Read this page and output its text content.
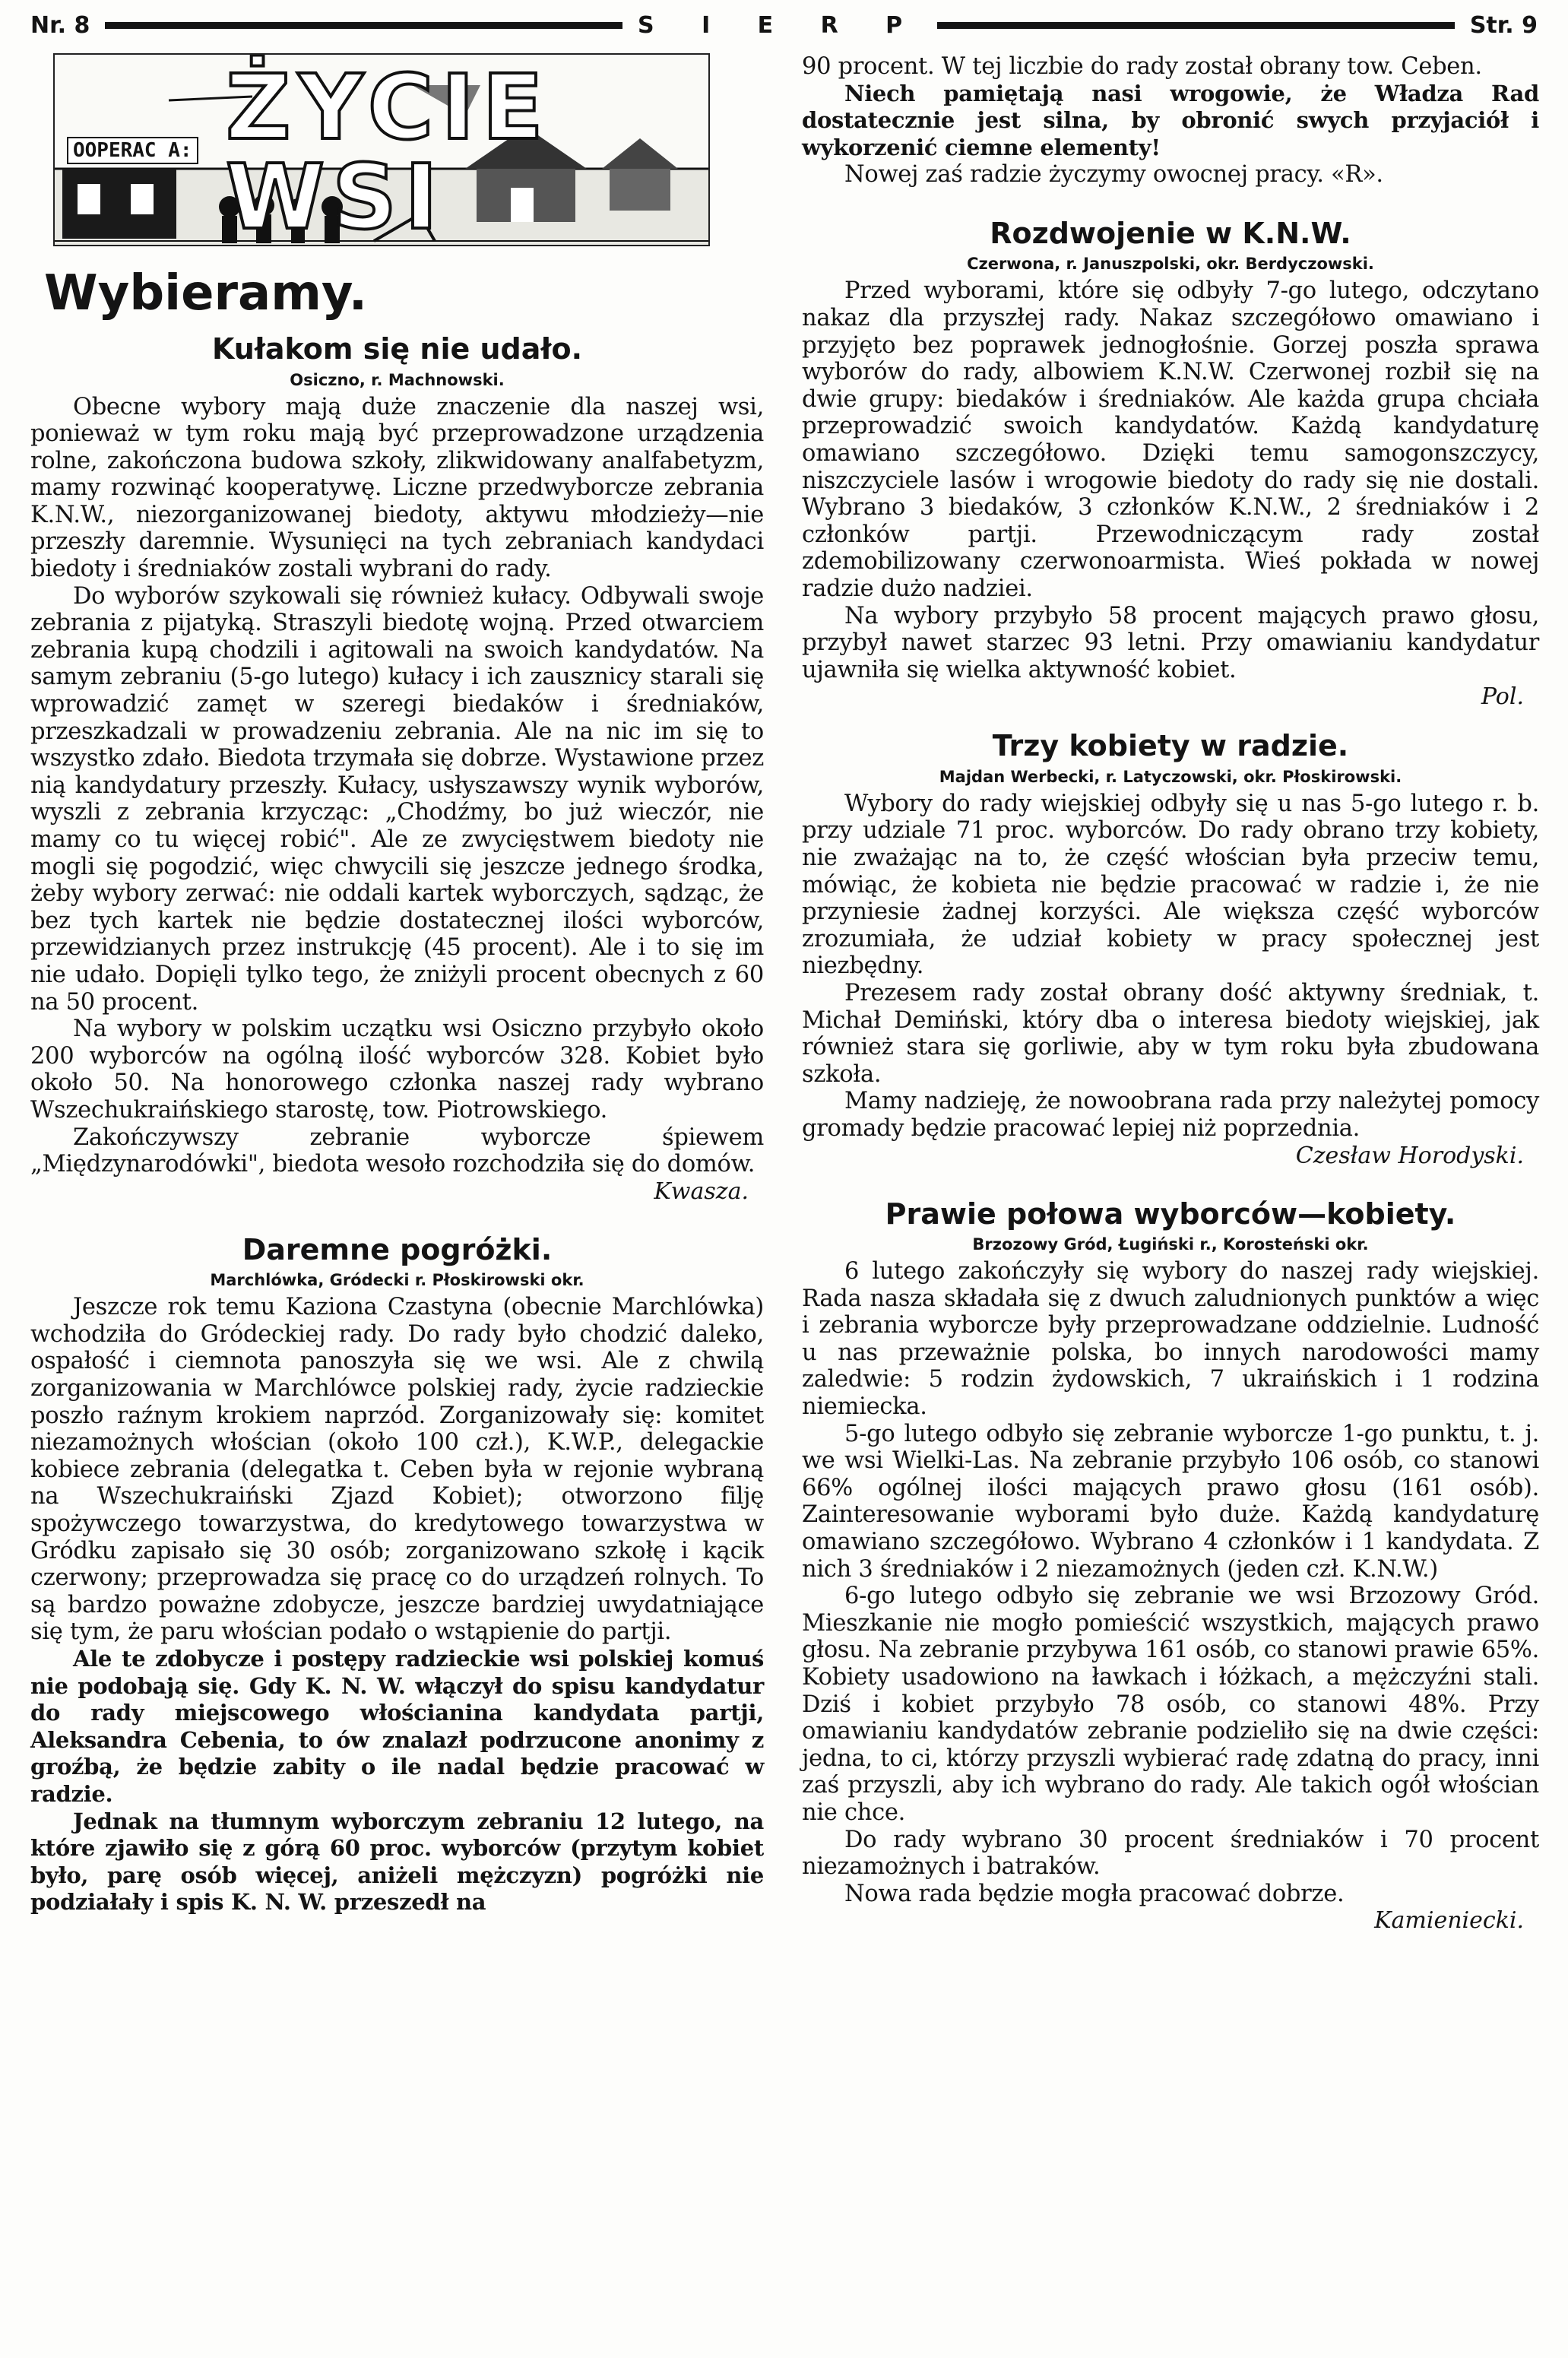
Nr. 8	S I E R P	Str. 9
ŻYCIE WSI
OOPERAC A:
Wybieramy.
Kułakom się nie udało.
Osiczno, r. Machnowski.

Obecne wybory mają duże znaczenie dla naszej wsi, ponieważ w tym roku mają być przeprowadzone urządzenia rolne, zakończona budowa szkoły, zlikwidowany analfabetyzm, mamy rozwinąć kooperatywę. Liczne przedwyborcze zebrania K.N.W., niezorganizowanej biedoty, aktywu młodzieży—nie przeszły daremnie. Wysunięci na tych zebraniach kandydaci biedoty i średniaków zostali wybrani do rady.

Do wyborów szykowali się również kułacy. Odbywali swoje zebrania z pijatyką. Straszyli biedotę wojną. Przed otwarciem zebrania kupą chodzili i agitowali na swoich kandydatów. Na samym zebraniu (5-go lutego) kułacy i ich zausznicy starali się wprowadzić zamęt w szeregi biedaków i średniaków, przeszkadzali w prowadzeniu zebrania. Ale na nic im się to wszystko zdało. Biedota trzymała się dobrze. Wystawione przez nią kandydatury przeszły. Kułacy, usłyszawszy wynik wyborów, wyszli z zebrania krzycząc: „Chodźmy, bo już wieczór, nie mamy co tu więcej robić". Ale ze zwycięstwem biedoty nie mogli się pogodzić, więc chwycili się jeszcze jednego środka, żeby wybory zerwać: nie oddali kartek wyborczych, sądząc, że bez tych kartek nie będzie dostatecznej ilości wyborców, przewidzianych przez instrukcję (45 procent). Ale i to się im nie udało. Dopięli tylko tego, że zniżyli procent obecnych z 60 na 50 procent.

Na wybory w polskim uczątku wsi Osiczno przybyło około 200 wyborców na ogólną ilość wyborców 328. Kobiet było około 50. Na honorowego członka naszej rady wybrano Wszechukraińskiego starostę, tow. Piotrowskiego.

Zakończywszy zebranie wyborcze śpiewem „Międzynarodówki", biedota wesoło rozchodziła się do domów.

Kwasza.

Daremne pogróżki.
Marchlówka, Gródecki r. Płoskirowski okr.

Jeszcze rok temu Kaziona Czastyna (obecnie Marchlówka) wchodziła do Gródeckiej rady. Do rady było chodzić daleko, ospałość i ciemnota panoszyła się we wsi. Ale z chwilą zorganizowania w Marchlówce polskiej rady, życie radzieckie poszło raźnym krokiem naprzód. Zorganizowały się: komitet niezamożnych włościan (około 100 czł.), K.W.P., delegackie kobiece zebrania (delegatka t. Ceben była w rejonie wybraną na Wszechukraiński Zjazd Kobiet); otworzono filję spożywczego towarzystwa, do kredytowego towarzystwa w Gródku zapisało się 30 osób; zorganizowano szkołę i kącik czerwony; przeprowadza się pracę co do urządzeń rolnych. To są bardzo poważne zdobycze, jeszcze bardziej uwydatniające się tym, że paru włościan podało o wstąpienie do partji.

Ale te zdobycze i postępy radzieckie wsi polskiej komuś nie podobają się. Gdy K. N. W. włączył do spisu kandydatur do rady miejscowego włościanina kandydata partji, Aleksandra Cebenia, to ów znalazł podrzucone anonimy z groźbą, że będzie zabity o ile nadal będzie pracować w radzie.

Jednak na tłumnym wyborczym zebraniu 12 lutego, na które zjawiło się z górą 60 proc. wyborców (przytym kobiet było, parę osób więcej, aniżeli mężczyzn) pogróżki nie podziałały i spis K. N. W. przeszedł na

90 procent. W tej liczbie do rady został obrany tow. Ceben.

Niech pamiętają nasi wrogowie, że Władza Rad dostatecznie jest silna, by obronić swych przyjaciół i wykorzenić ciemne elementy!

Nowej zaś radzie życzymy owocnej pracy. «R».

Rozdwojenie w K.N.W.
Czerwona, r. Januszpolski, okr. Berdyczowski.

Przed wyborami, które się odbyły 7-go lutego, odczytano nakaz dla przyszłej rady. Nakaz szczegółowo omawiano i przyjęto bez poprawek jednogłośnie. Gorzej poszła sprawa wyborów do rady, albowiem K.N.W. Czerwonej rozbił się na dwie grupy: biedaków i średniaków. Ale każda grupa chciała przeprowadzić swoich kandydatów. Każdą kandydaturę omawiano szczegółowo. Dzięki temu samogonszczycy, niszczyciele lasów i wrogowie biedoty do rady się nie dostali. Wybrano 3 biedaków, 3 członków K.N.W., 2 średniaków i 2 członków partji. Przewodniczącym rady został zdemobilizowany czerwonoarmista. Wieś pokłada w nowej radzie dużo nadziei.

Na wybory przybyło 58 procent mających prawo głosu, przybył nawet starzec 93 letni. Przy omawianiu kandydatur ujawniła się wielka aktywność kobiet.

Pol.

Trzy kobiety w radzie.
Majdan Werbecki, r. Latyczowski, okr. Płoskirowski.

Wybory do rady wiejskiej odbyły się u nas 5-go lutego r. b. przy udziale 71 proc. wyborców. Do rady obrano trzy kobiety, nie zważając na to, że część włościan była przeciw temu, mówiąc, że kobieta nie będzie pracować w radzie i, że nie przyniesie żadnej korzyści. Ale większa część wyborców zrozumiała, że udział kobiety w pracy społecznej jest niezbędny.

Prezesem rady został obrany dość aktywny średniak, t. Michał Demiński, który dba o interesa biedoty wiejskiej, jak również stara się gorliwie, aby w tym roku była zbudowana szkoła.

Mamy nadzieję, że nowoobrana rada przy należytej pomocy gromady będzie pracować lepiej niż poprzednia.

Czesław Horodyski.

Prawie połowa wyborców—kobiety.
Brzozowy Gród, Ługiński r., Korosteński okr.

6 lutego zakończyły się wybory do naszej rady wiejskiej. Rada nasza składała się z dwuch zaludnionych punktów a więc i zebrania wyborcze były przeprowadzane oddzielnie. Ludność u nas przeważnie polska, bo innych narodowości mamy zaledwie: 5 rodzin żydowskich, 7 ukraińskich i 1 rodzina niemiecka.

5-go lutego odbyło się zebranie wyborcze 1-go punktu, t. j. we wsi Wielki-Las. Na zebranie przybyło 106 osób, co stanowi 66% ogólnej ilości mających prawo głosu (161 osób). Zainteresowanie wyborami było duże. Każdą kandydaturę omawiano szczegółowo. Wybrano 4 członków i 1 kandydata. Z nich 3 średniaków i 2 niezamożnych (jeden czł. K.N.W.)

6-go lutego odbyło się zebranie we wsi Brzozowy Gród. Mieszkanie nie mogło pomieścić wszystkich, mających prawo głosu. Na zebranie przybywa 161 osób, co stanowi prawie 65%. Kobiety usadowiono na ławkach i łóżkach, a mężczyźni stali. Dziś i kobiet przybyło 78 osób, co stanowi 48%. Przy omawianiu kandydatów zebranie podzieliło się na dwie części: jedna, to ci, którzy przyszli wybierać radę zdatną do pracy, inni zaś przyszli, aby ich wybrano do rady. Ale takich ogół włościan nie chce.

Do rady wybrano 30 procent średniaków i 70 procent niezamożnych i batraków.

Nowa rada będzie mogła pracować dobrze.

Kamieniecki.
